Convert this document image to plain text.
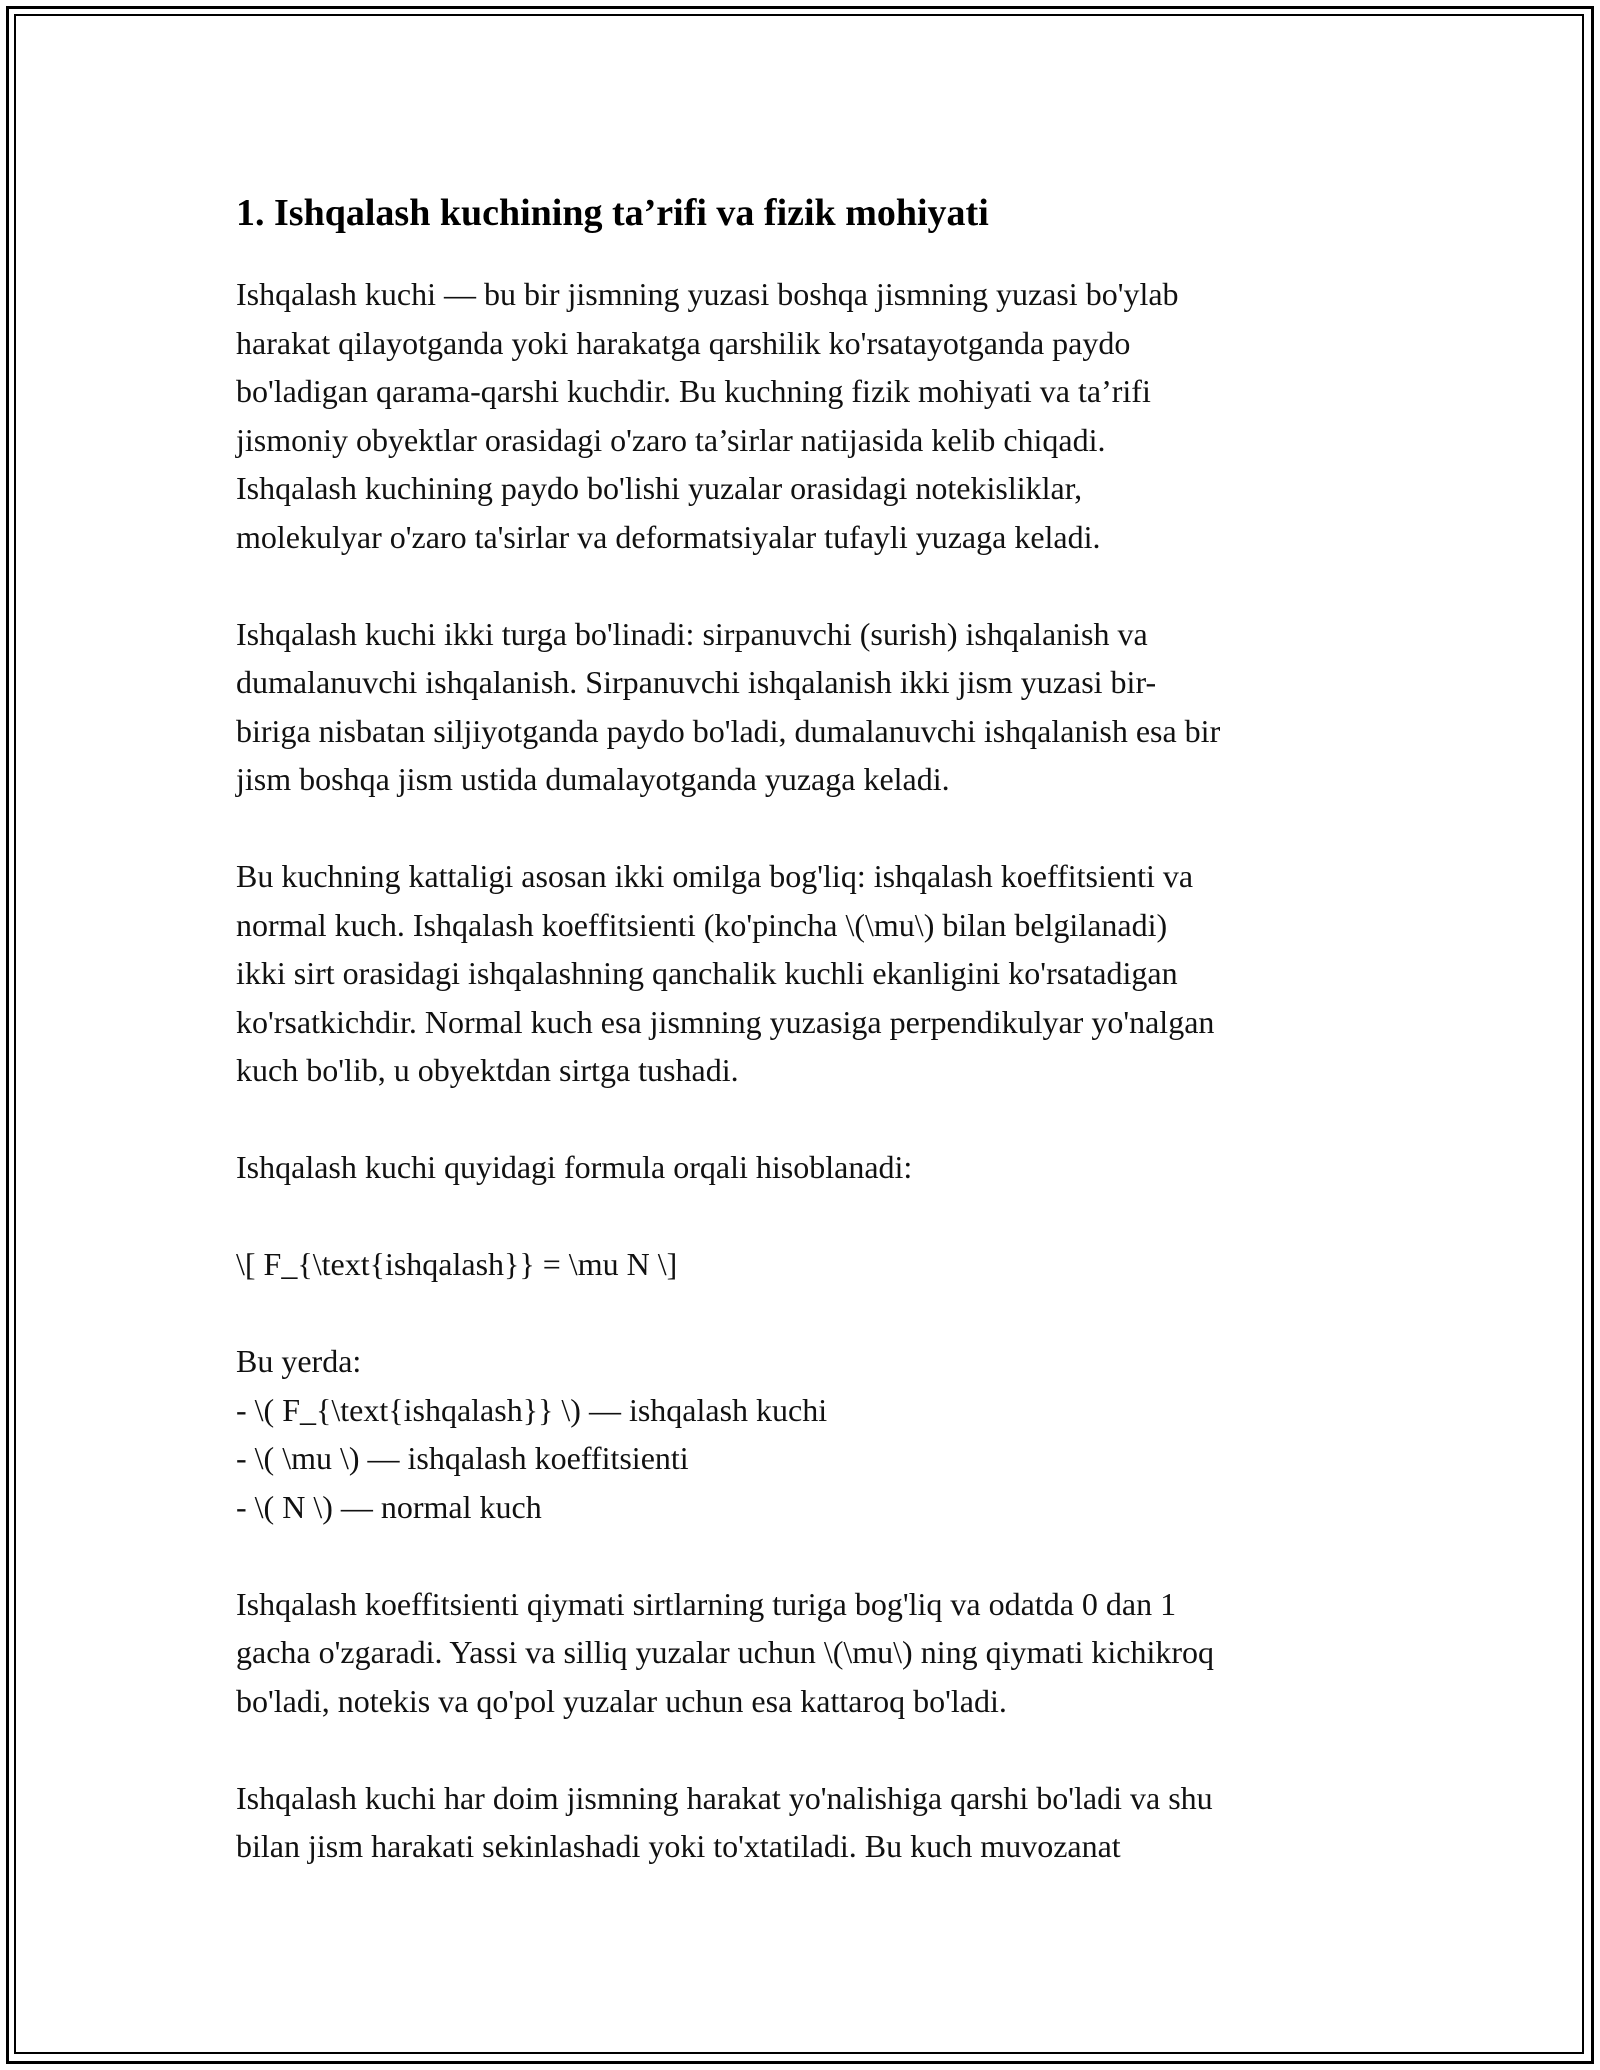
1. Ishqalash kuchining ta’rifi va fizik mohiyati

Ishqalash kuchi — bu bir jismning yuzasi boshqa jismning yuzasi bo'ylab
harakat qilayotganda yoki harakatga qarshilik ko'rsatayotganda paydo
bo'ladigan qarama-qarshi kuchdir. Bu kuchning fizik mohiyati va ta’rifi
jismoniy obyektlar orasidagi o'zaro ta’sirlar natijasida kelib chiqadi.
Ishqalash kuchining paydo bo'lishi yuzalar orasidagi notekisliklar,
molekulyar o'zaro ta'sirlar va deformatsiyalar tufayli yuzaga keladi.

Ishqalash kuchi ikki turga bo'linadi: sirpanuvchi (surish) ishqalanish va
dumalanuvchi ishqalanish. Sirpanuvchi ishqalanish ikki jism yuzasi bir-
biriga nisbatan siljiyotganda paydo bo'ladi, dumalanuvchi ishqalanish esa bir
jism boshqa jism ustida dumalayotganda yuzaga keladi.

Bu kuchning kattaligi asosan ikki omilga bog'liq: ishqalash koeffitsienti va
normal kuch. Ishqalash koeffitsienti (ko'pincha \(\mu\) bilan belgilanadi)
ikki sirt orasidagi ishqalashning qanchalik kuchli ekanligini ko'rsatadigan
ko'rsatkichdir. Normal kuch esa jismning yuzasiga perpendikulyar yo'nalgan
kuch bo'lib, u obyektdan sirtga tushadi.

Ishqalash kuchi quyidagi formula orqali hisoblanadi:

\[ F_{\text{ishqalash}} = \mu N \]
Bu yerda:
- \( F_{\text{ishqalash}} \) — ishqalash kuchi
- \( \mu \) — ishqalash koeffitsienti
- \( N \) — normal kuch

Ishqalash koeffitsienti qiymati sirtlarning turiga bog'liq va odatda 0 dan 1
gacha o'zgaradi. Yassi va silliq yuzalar uchun \(\mu\) ning qiymati kichikroq
bo'ladi, notekis va qo'pol yuzalar uchun esa kattaroq bo'ladi.

Ishqalash kuchi har doim jismning harakat yo'nalishiga qarshi bo'ladi va shu
bilan jism harakati sekinlashadi yoki to'xtatiladi. Bu kuch muvozanat
